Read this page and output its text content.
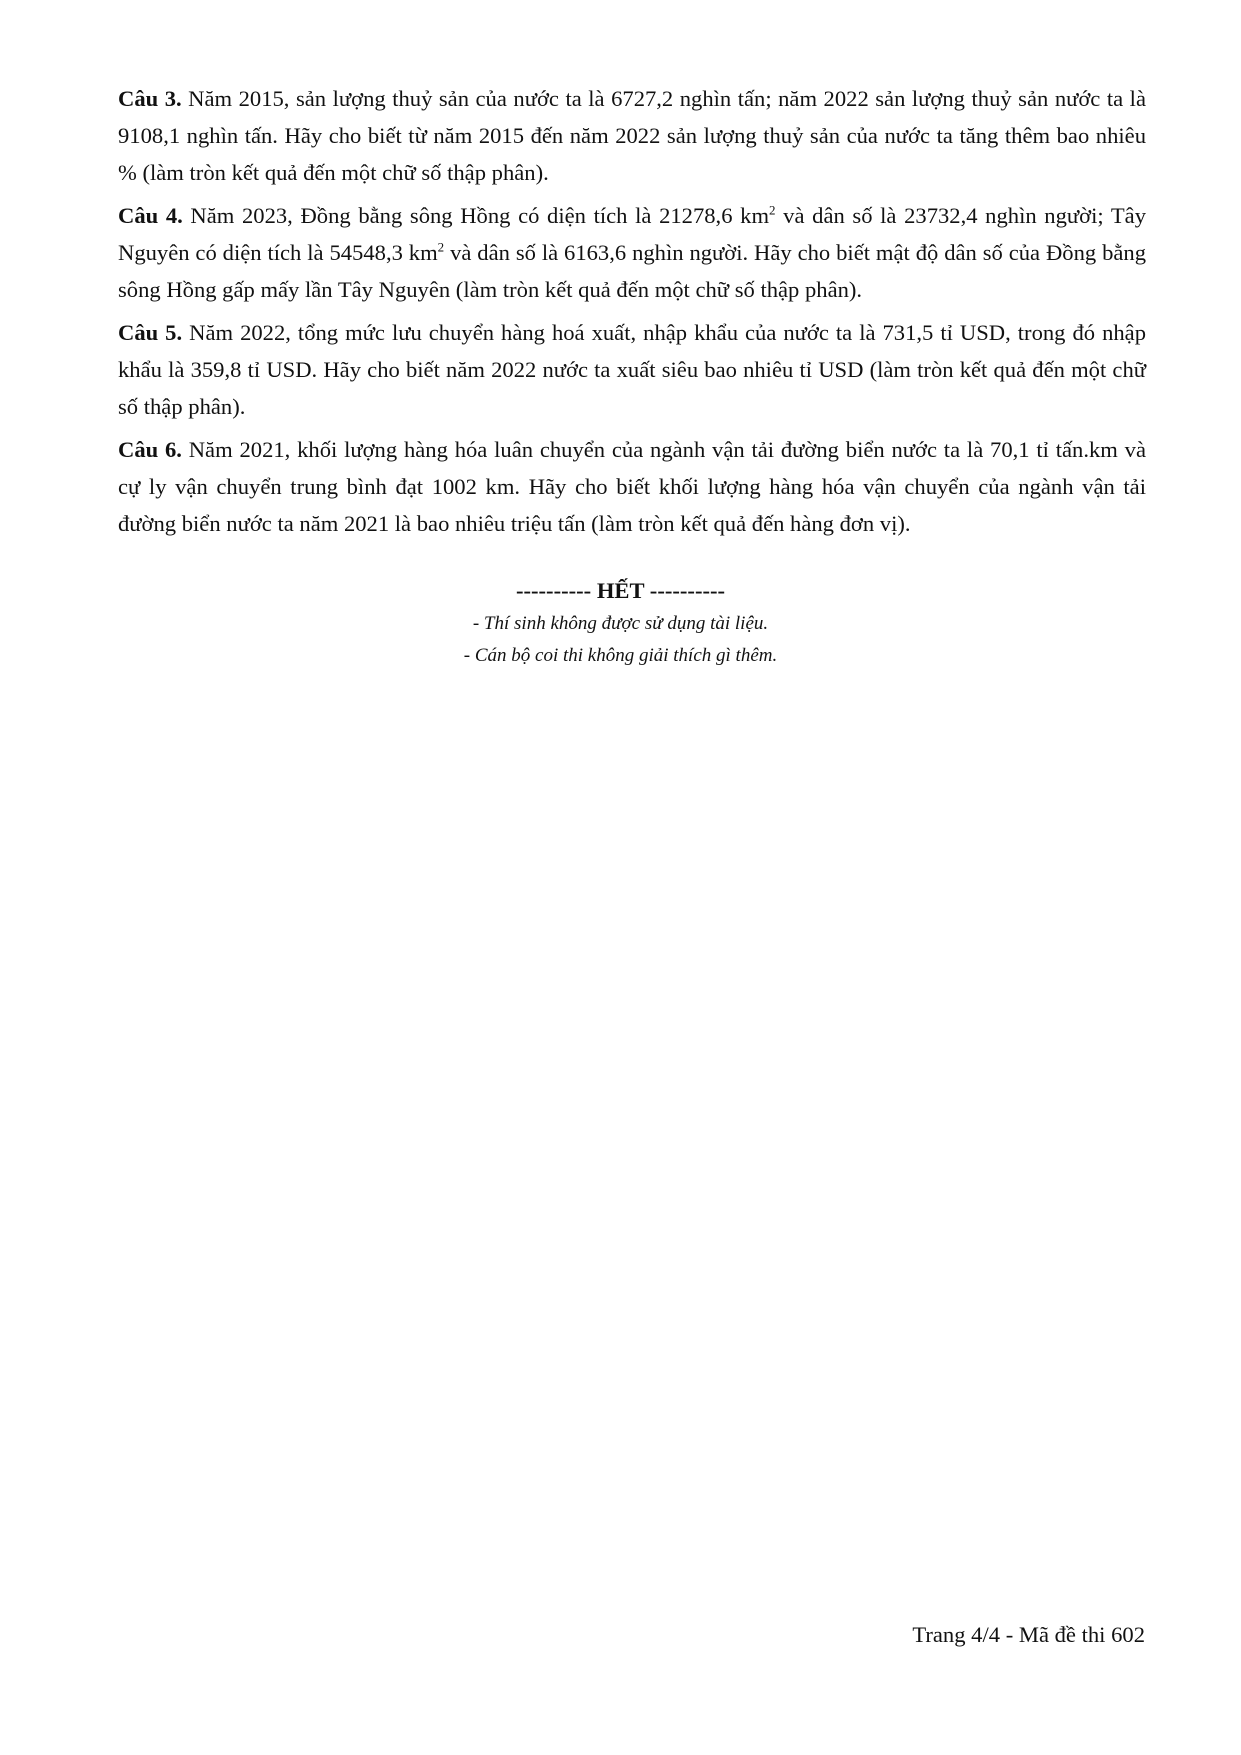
Câu 3. Năm 2015, sản lượng thuỷ sản của nước ta là 6727,2 nghìn tấn; năm 2022 sản lượng thuỷ sản nước ta là 9108,1 nghìn tấn. Hãy cho biết từ năm 2015 đến năm 2022 sản lượng thuỷ sản của nước ta tăng thêm bao nhiêu % (làm tròn kết quả đến một chữ số thập phân).

Câu 4. Năm 2023, Đồng bằng sông Hồng có diện tích là 21278,6 $km^2$ và dân số là 23732,4 nghìn người; Tây Nguyên có diện tích là 54548,3 $km^2$ và dân số là 6163,6 nghìn người. Hãy cho biết mật độ dân số của Đồng bằng sông Hồng gấp mấy lần Tây Nguyên (làm tròn kết quả đến một chữ số thập phân).

Câu 5. Năm 2022, tổng mức lưu chuyển hàng hoá xuất, nhập khẩu của nước ta là 731,5 tỉ USD, trong đó nhập khẩu là 359,8 tỉ USD. Hãy cho biết năm 2022 nước ta xuất siêu bao nhiêu tỉ USD (làm tròn kết quả đến một chữ số thập phân).

Câu 6. Năm 2021, khối lượng hàng hóa luân chuyển của ngành vận tải đường biển nước ta là 70,1 tỉ tấn.km và cự ly vận chuyển trung bình đạt 1002 km. Hãy cho biết khối lượng hàng hóa vận chuyển của ngành vận tải đường biển nước ta năm 2021 là bao nhiêu triệu tấn (làm tròn kết quả đến hàng đơn vị).

---------- HẾT ----------

- Thí sinh không được sử dụng tài liệu.

- Cán bộ coi thi không giải thích gì thêm.

Trang 4/4 - Mã đề thi 602
